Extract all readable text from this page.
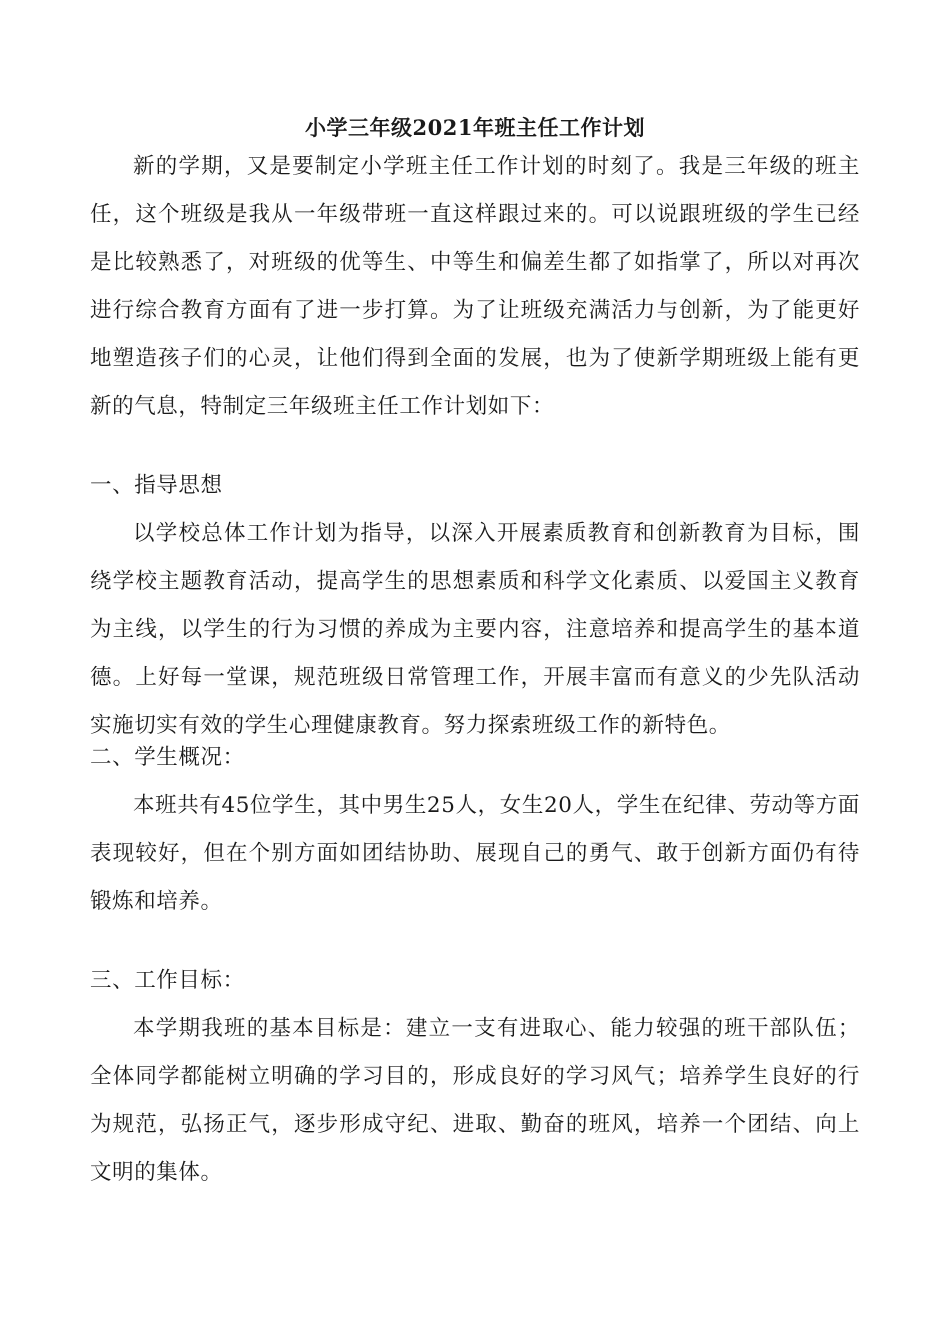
小学三年级2021年班主任工作计划
新的学期，又是要制定小学班主任工作计划的时刻了。我是三年级的班主任，这个班级是我从一年级带班一直这样跟过来的。可以说跟班级的学生已经是比较熟悉了，对班级的优等生、中等生和偏差生都了如指掌了，所以对再次进行综合教育方面有了进一步打算。为了让班级充满活力与创新，为了能更好地塑造孩子们的心灵，让他们得到全面的发展，也为了使新学期班级上能有更新的气息，特制定三年级班主任工作计划如下：
一、指导思想
以学校总体工作计划为指导，以深入开展素质教育和创新教育为目标，围绕学校主题教育活动，提高学生的思想素质和科学文化素质、以爱国主义教育为主线，以学生的行为习惯的养成为主要内容，注意培养和提高学生的基本道德。上好每一堂课，规范班级日常管理工作，开展丰富而有意义的少先队活动实施切实有效的学生心理健康教育。努力探索班级工作的新特色。
二、学生概况：
本班共有45位学生，其中男生25人，女生20人，学生在纪律、劳动等方面表现较好，但在个别方面如团结协助、展现自己的勇气、敢于创新方面仍有待锻炼和培养。
三、工作目标：
本学期我班的基本目标是：建立一支有进取心、能力较强的班干部队伍；全体同学都能树立明确的学习目的，形成良好的学习风气；培养学生良好的行为规范，弘扬正气，逐步形成守纪、进取、勤奋的班风，培养一个团结、向上文明的集体。
